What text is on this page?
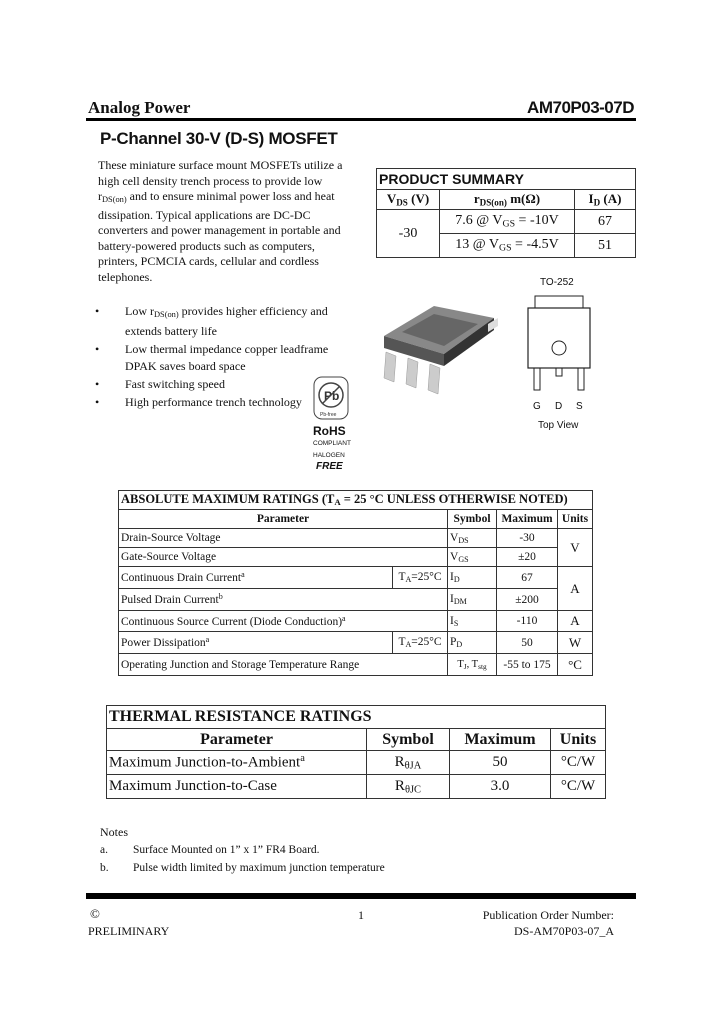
Analog Power	AM70P03-07D
P-Channel 30-V (D-S) MOSFET
These miniature surface mount MOSFETs utilize a
high cell density trench process to provide low
$r_{DS(on)}$ and to ensure minimal power loss and heat
dissipation. Typical applications are DC-DC
converters and power management in portable and
battery-powered products such as computers,
printers, PCMCIA cards, cellular and cordless
telephones.
• Low $r_{DS(on)}$ provides higher efficiency and extends battery life
• Low thermal impedance copper leadframe DPAK saves board space
• Fast switching speed
• High performance trench technology
PRODUCT SUMMARY		
$V_{DS}$ (V)	$r_{DS(on)}$ m(Ω)	$I_D$ (A)
-30	7.6 @ $V_{GS} = -10V$	67
	13 @ $V_{GS} = -4.5V$	51
TO-252
G D S
Top View
Pb
Pb-free
RoHS
COMPLIANT
HALOGEN
FREE
ABSOLUTE MAXIMUM RATINGS ($T_A = 25$ °C UNLESS OTHERWISE NOTED)				
Parameter		Symbol	Maximum	Units
Drain-Source Voltage		$V_{DS}$	-30	V
Gate-Source Voltage		$V_{GS}$	±20	
Continuous Drain Current$^a$	$T_A=25^\circ C$	$I_D$	67	A
Pulsed Drain Current$^b$		$I_{DM}$	±200	
Continuous Source Current (Diode Conduction)$^a$		$I_S$	-110	A
Power Dissipation$^a$	$T_A=25^\circ C$	$P_D$	50	W
Operating Junction and Storage Temperature Range		$T_J$, $T_{stg}$	-55 to 175	°C
THERMAL RESISTANCE RATINGS			
Parameter	Symbol	Maximum	Units
Maximum Junction-to-Ambient$^a$	$R_{\theta JA}$	50	°C/W
Maximum Junction-to-Case	$R_{\theta JC}$	3.0	°C/W
Notes
a. Surface Mounted on 1” x 1” FR4 Board.
b. Pulse width limited by maximum junction temperature
©
PRELIMINARY
1	Publication Order Number:
DS-AM70P03-07_A
